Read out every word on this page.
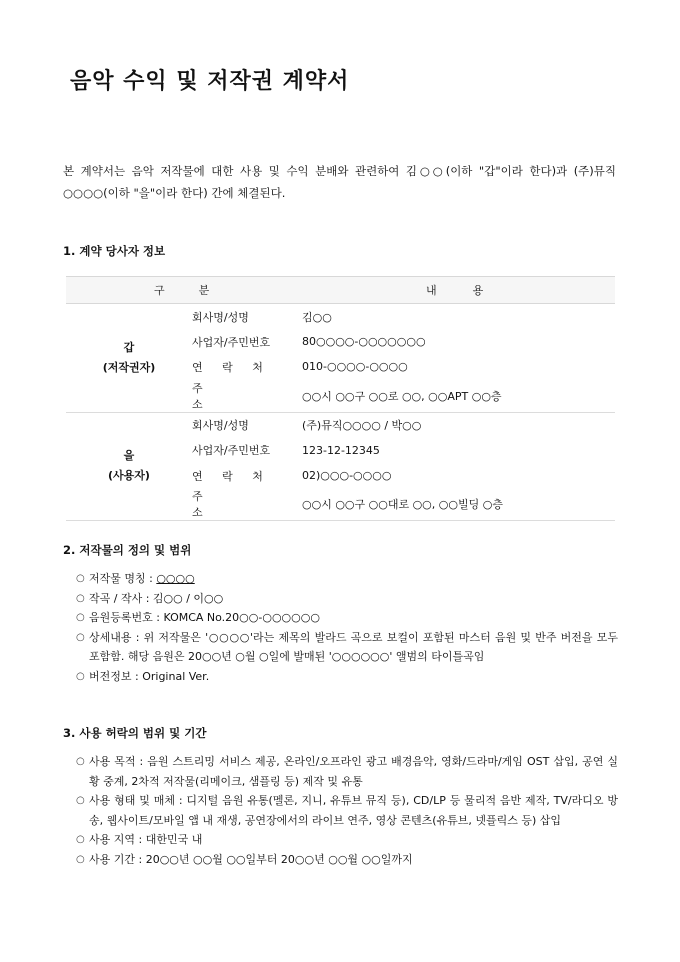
음악 수익 및 저작권 계약서

본 계약서는 음악 저작물에 대한 사용 및 수익 분배와 관련하여 김○○(이하 "갑"이라 한다)과 (주)뮤직○○○○(이하 "을"이라 한다) 간에 체결된다.

1. 계약 당사자 정보
구 분		내 용

갑
(저작권자)	회사명/성명	김○○
	사업자/주민번호	80○○○○-○○○○○○○
	연 락 처	010-○○○○-○○○○
	주 소	○○시 ○○구 ○○로 ○○, ○○APT ○○층

을
(사용자)	회사명/성명	(주)뮤직○○○○ / 박○○
	사업자/주민번호	123-12-12345
	연 락 처	02)○○○-○○○○
	주 소	○○시 ○○구 ○○대로 ○○, ○○빌딩 ○층
2. 저작물의 정의 및 범위
○ 저작물 명칭 : ○○○○
○ 작곡 / 작사 : 김○○ / 이○○
○ 음원등록번호 : KOMCA No.20○○-○○○○○○
○ 상세내용 : 위 저작물은 '○○○○'라는 제목의 발라드 곡으로 보컬이 포함된 마스터 음원 및 반주 버전을 모두 포함함. 해당 음원은 20○○년 ○월 ○일에 발매된 '○○○○○○' 앨범의 타이틀곡임
○ 버전정보 : Original Ver.
3. 사용 허락의 범위 및 기간
○ 사용 목적 : 음원 스트리밍 서비스 제공, 온라인/오프라인 광고 배경음악, 영화/드라마/게임 OST 삽입, 공연 실황 중계, 2차적 저작물(리메이크, 샘플링 등) 제작 및 유통
○ 사용 형태 및 매체 : 디지털 음원 유통(멜론, 지니, 유튜브 뮤직 등), CD/LP 등 물리적 음반 제작, TV/라디오 방송, 웹사이트/모바일 앱 내 재생, 공연장에서의 라이브 연주, 영상 콘텐츠(유튜브, 넷플릭스 등) 삽입
○ 사용 지역 : 대한민국 내
○ 사용 기간 : 20○○년 ○○월 ○○일부터 20○○년 ○○월 ○○일까지
